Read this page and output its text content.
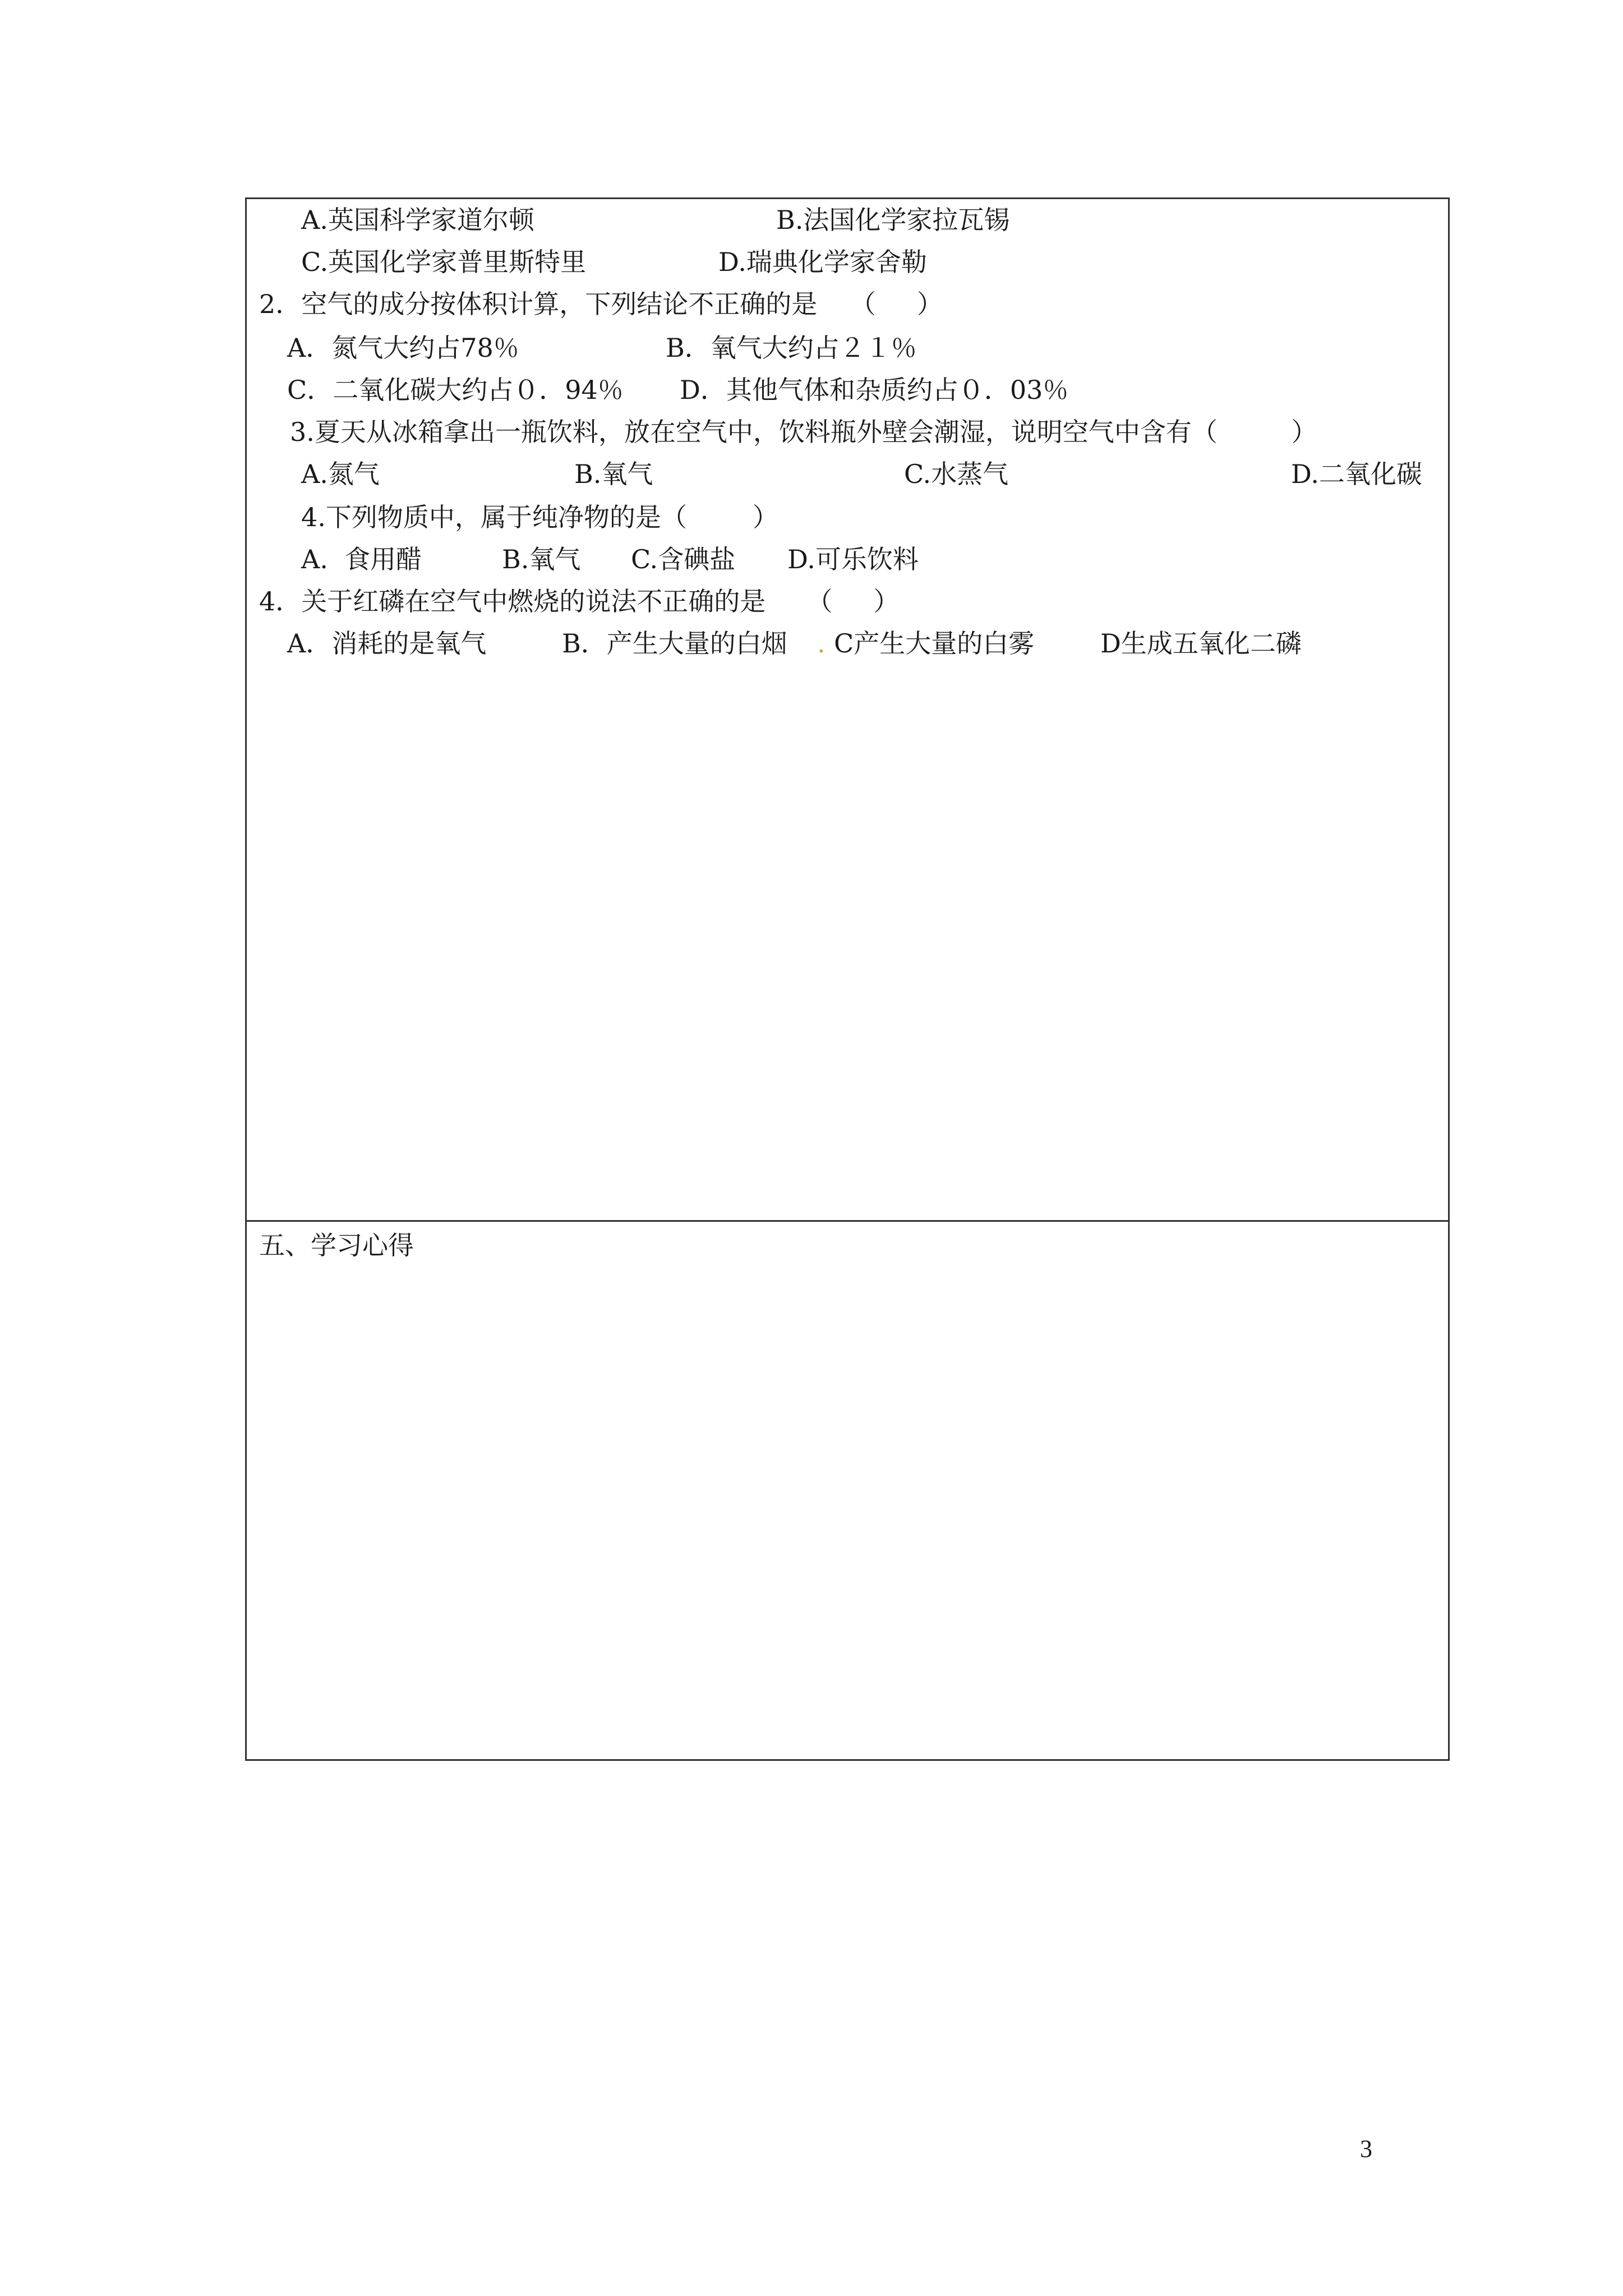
A.英国科学家道尔顿

	B.法国化学家拉瓦锡

C.英国化学家普里斯特里

	D.瑞典化学家舍勒

2．空气的成分按体积计算，下列结论不正确的是    （     ）

A．氮气大约占78％

	B．氧气大约占２１％

C．二氧化碳大约占０．94％

D．其他气体和杂质约占０．03％

3.夏天从冰箱拿出一瓶饮料，放在空气中，饮料瓶外壁会潮湿，说明空气中含有（         ）

A.氮气

	B.氧气

	C.水蒸气

	D.二氧化碳

4.下列物质中，属于纯净物的是（        ）

A.  食用醋

	B.氧气

C.含碘盐

D.可乐饮料

4．关于红磷在空气中燃烧的说法不正确的是     （     ）

A．消耗的是氧气

	B．产生大量的白烟

.

C产生大量的白雾

	D生成五氧化二磷

五、学习心得
3
